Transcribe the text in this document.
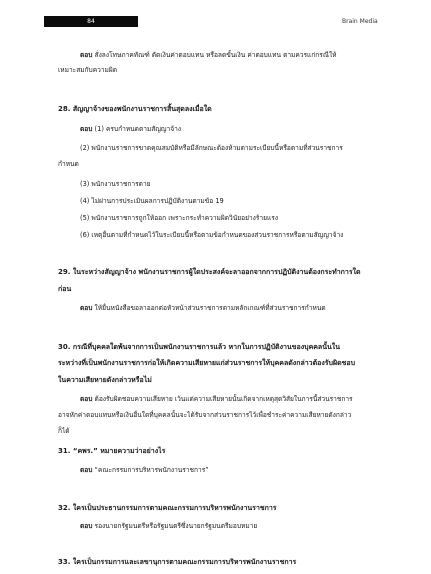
84	Brain Media
ตอบ สั่งลงโทษภาคทัณฑ์ ตัดเงินค่าตอบแทน หรือลดขั้นเงิน ค่าตอบแทน ตามควรแก่กรณีให้
เหมาะสมกับความผิด
28. สัญญาจ้างของพนักงานราชการสิ้นสุดลงเมื่อใด
ตอบ (1) ครบกำหนดตามสัญญาจ้าง
(2) พนักงานราชการขาดคุณสมบัติหรือมีลักษณะต้องห้ามตามระเบียบนี้หรือตามที่ส่วนราชการ
กำหนด
(3) พนักงานราชการตาย
(4) ไม่ผ่านการประเมินผลการปฏิบัติงานตามข้อ 19
(5) พนักงานราชการถูกให้ออก เพราะกระทำความผิดวินัยอย่างร้ายแรง
(6) เหตุอื่นตามที่กำหนดไว้ในระเบียบนี้หรือตามข้อกำหนดของส่วนราชการหรือตามสัญญาจ้าง
29. ในระหว่างสัญญาจ้าง พนักงานราชการผู้ใดประสงค์จะลาออกจากการปฏิบัติงานต้องกระทำการใด
ก่อน
ตอบ ให้ยื่นหนังสือขอลาออกต่อหัวหน้าส่วนราชการตามหลักเกณฑ์ที่ส่วนราชการกำหนด
30. กรณีที่บุคคลใดพ้นจากการเป็นพนักงานราชการแล้ว หากในการปฏิบัติงานของบุคคลนั้นใน
ระหว่างที่เป็นพนักงานราชการก่อให้เกิดความเสียหายแก่ส่วนราชการให้บุคคลดังกล่าวต้องรับผิดชอบ
ในความเสียหายดังกล่าวหรือไม่
ตอบ ต้องรับผิดชอบความเสียหาย เว้นแต่ความเสียหายนั้นเกิดจากเหตุสุดวิสัยในการนี้ส่วนราชการ
อาจหักค่าตอบแทนหรือเงินอื่นใดที่บุคคลนั้นจะได้รับจากส่วนราชการไว้เพื่อชำระค่าความเสียหายดังกล่าว
ก็ได้
31. “คพร.” หมายความว่าอย่างไร
ตอบ “คณะกรรมการบริหารพนักงานราชการ”
32. ใครเป็นประธานกรรมการตามคณะกรรมการบริหารพนักงานราชการ
ตอบ รองนายกรัฐมนตรีหรือรัฐมนตรีซึ่งนายกรัฐมนตรีมอบหมาย
33. ใครเป็นกรรมการและเลขานุการตามคณะกรรมการบริหารพนักงานราชการ
